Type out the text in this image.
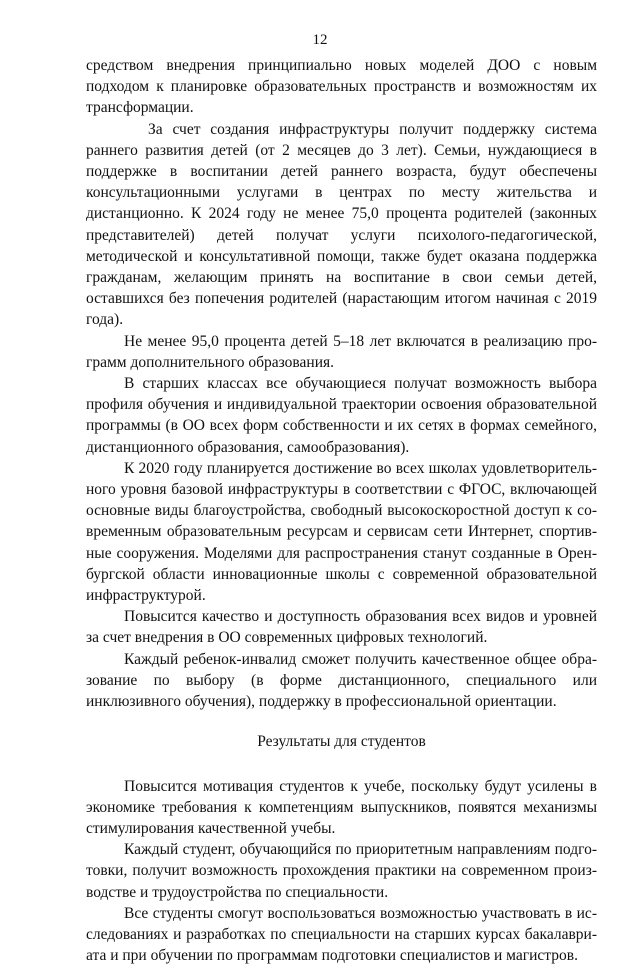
12

средством внедрения принципиально новых моделей ДОО с новым подходом к планировке образовательных пространств и возможностям их трансформации.

За счет создания инфраструктуры получит поддержку система раннего развития детей (от 2 месяцев до 3 лет). Семьи, нуждающиеся в поддержке в воспитании детей раннего возраста, будут обеспечены консультационными услугами в центрах по месту жительства и дистанционно. К 2024 году не менее 75,0 процента родителей (законных представителей) детей получат услуги психолого-педагогической, методической и консультативной помощи, также будет оказана поддержка гражданам, желающим принять на воспитание в свои семьи детей, оставшихся без попечения родителей (нарастающим итогом начиная с 2019 года).

Не менее 95,0 процента детей 5–18 лет включатся в реализацию программ дополнительного образования.

В старших классах все обучающиеся получат возможность выбора профиля обучения и индивидуальной траектории освоения образовательной программы (в ОО всех форм собственности и их сетях в формах семейного, дистанционного образования, самообразования).

К 2020 году планируется достижение во всех школах удовлетворительного уровня базовой инфраструктуры в соответствии с ФГОС, включающей основные виды благоустройства, свободный высокоскоростной доступ к современным образовательным ресурсам и сервисам сети Интернет, спортивные сооружения. Моделями для распространения станут созданные в Оренбургской области инновационные школы с современной образовательной инфраструктурой.

Повысится качество и доступность образования всех видов и уровней за счет внедрения в ОО современных цифровых технологий.

Каждый ребенок-инвалид сможет получить качественное общее образование по выбору (в форме дистанционного, специального или инклюзивного обучения), поддержку в профессиональной ориентации.

Результаты для студентов

Повысится мотивация студентов к учебе, поскольку будут усилены в экономике требования к компетенциям выпускников, появятся механизмы стимулирования качественной учебы.

Каждый студент, обучающийся по приоритетным направлениям подготовки, получит возможность прохождения практики на современном производстве и трудоустройства по специальности.

Все студенты смогут воспользоваться возможностью участвовать в исследованиях и разработках по специальности на старших курсах бакалавриата и при обучении по программам подготовки специалистов и магистров.
